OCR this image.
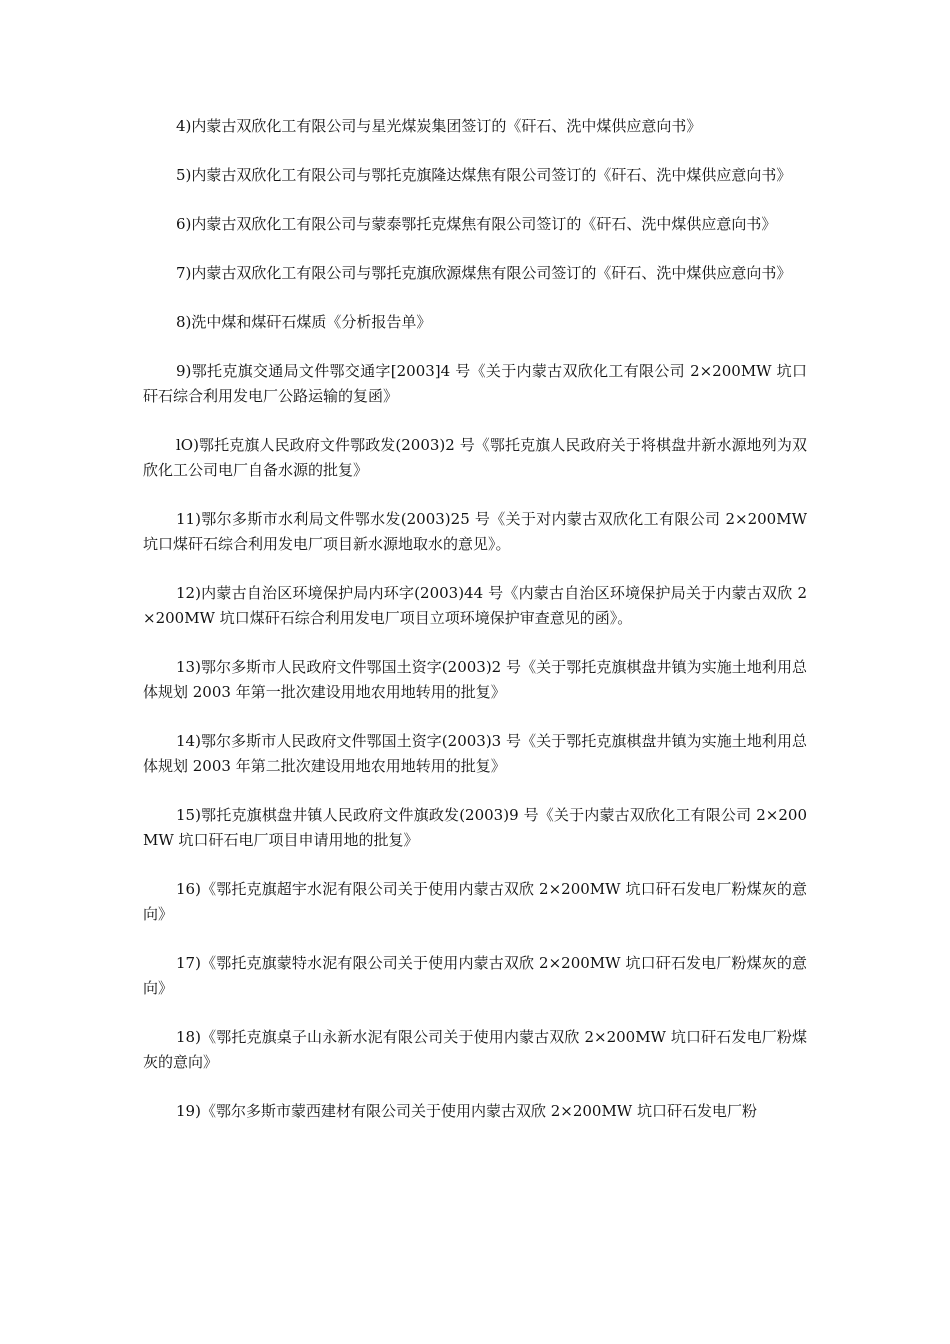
4)内蒙古双欣化工有限公司与星光煤炭集团签订的《矸石、洗中煤供应意向书》

5)内蒙古双欣化工有限公司与鄂托克旗隆达煤焦有限公司签订的《矸石、洗中煤供应意向书》

6)内蒙古双欣化工有限公司与蒙泰鄂托克煤焦有限公司签订的《矸石、洗中煤供应意向书》

7)内蒙古双欣化工有限公司与鄂托克旗欣源煤焦有限公司签订的《矸石、洗中煤供应意向书》

8)洗中煤和煤矸石煤质《分析报告单》

9)鄂托克旗交通局文件鄂交通字[2003]4 号《关于内蒙古双欣化工有限公司 2×200MW 坑口矸石综合利用发电厂公路运输的复函》

lO)鄂托克旗人民政府文件鄂政发(2003)2 号《鄂托克旗人民政府关于将棋盘井新水源地列为双欣化工公司电厂自备水源的批复》

11)鄂尔多斯市水利局文件鄂水发(2003)25 号《关于对内蒙古双欣化工有限公司 2×200MW 坑口煤矸石综合利用发电厂项目新水源地取水的意见》。

12)内蒙古自治区环境保护局内环字(2003)44 号《内蒙古自治区环境保护局关于内蒙古双欣 2×200MW 坑口煤矸石综合利用发电厂项目立项环境保护审查意见的函》。

13)鄂尔多斯市人民政府文件鄂国土资字(2003)2 号《关于鄂托克旗棋盘井镇为实施土地利用总体规划 2003 年第一批次建设用地农用地转用的批复》

14)鄂尔多斯市人民政府文件鄂国土资字(2003)3 号《关于鄂托克旗棋盘井镇为实施土地利用总体规划 2003 年第二批次建设用地农用地转用的批复》

15)鄂托克旗棋盘井镇人民政府文件旗政发(2003)9 号《关于内蒙古双欣化工有限公司 2×200MW 坑口矸石电厂项目申请用地的批复》

16)《鄂托克旗超宇水泥有限公司关于使用内蒙古双欣 2×200MW 坑口矸石发电厂粉煤灰的意向》

17)《鄂托克旗蒙特水泥有限公司关于使用内蒙古双欣 2×200MW 坑口矸石发电厂粉煤灰的意向》

18)《鄂托克旗桌子山永新水泥有限公司关于使用内蒙古双欣 2×200MW 坑口矸石发电厂粉煤灰的意向》

19)《鄂尔多斯市蒙西建材有限公司关于使用内蒙古双欣 2×200MW 坑口矸石发电厂粉
